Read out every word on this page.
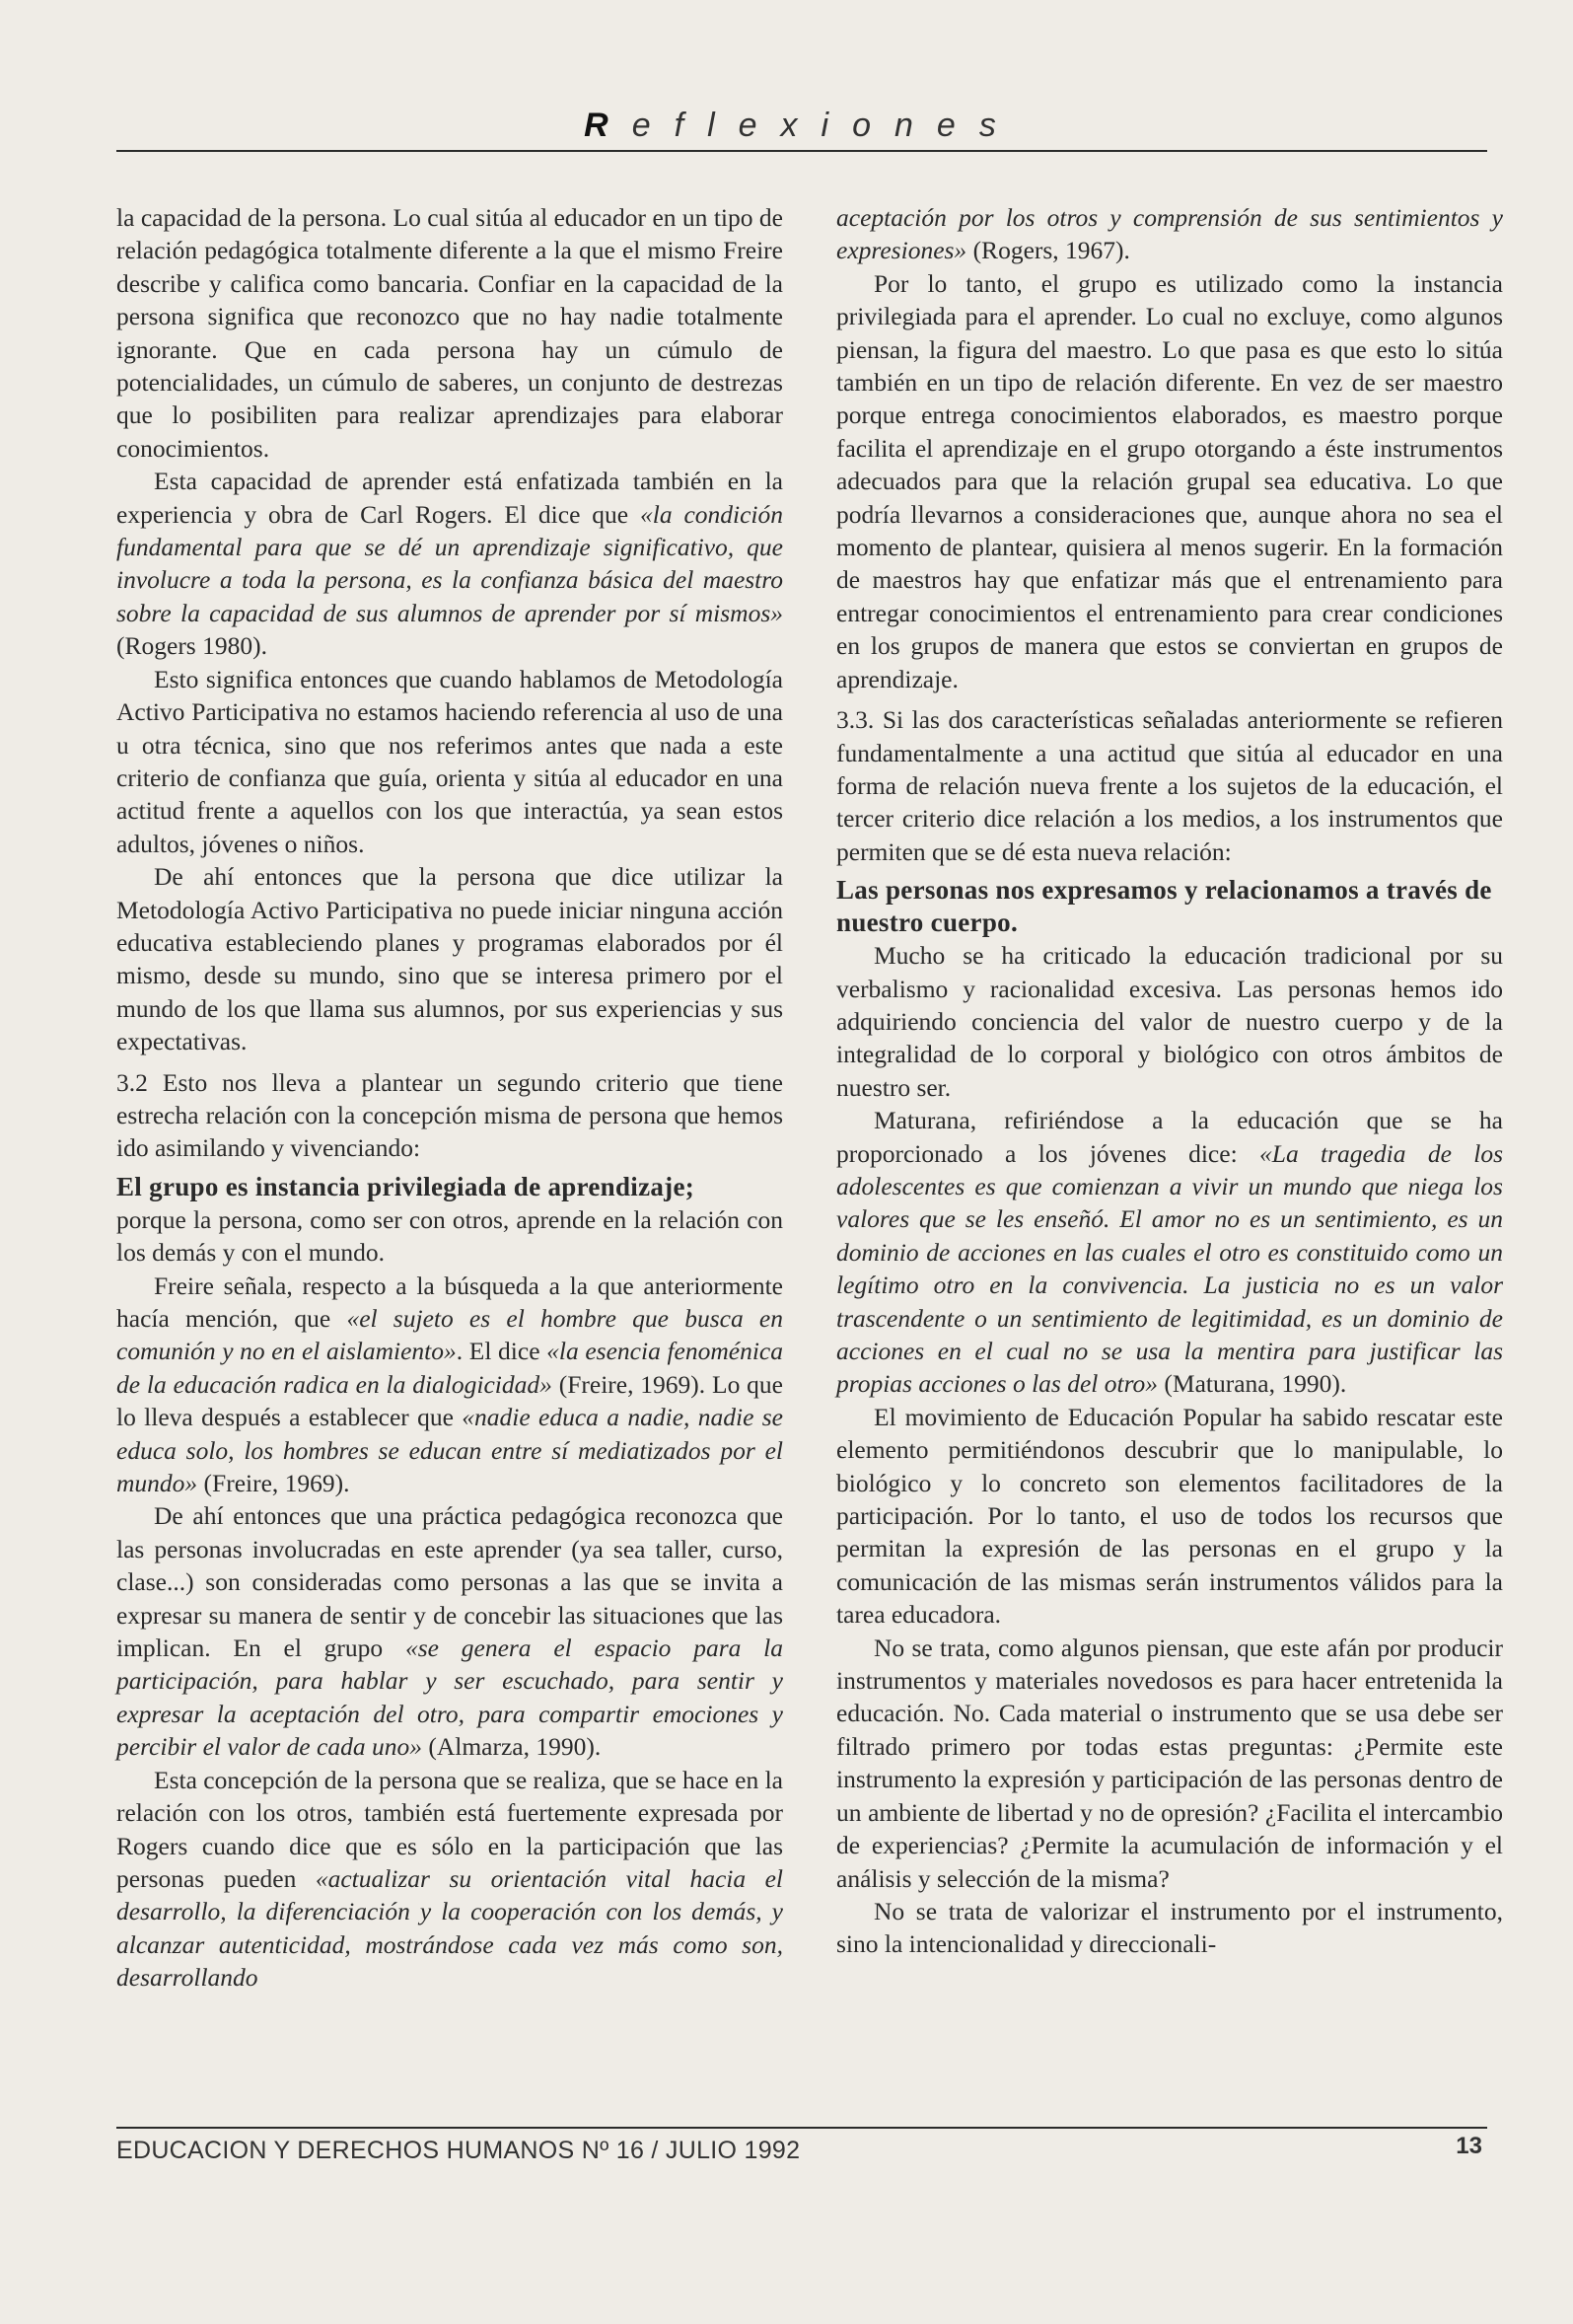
Reflexiones

la capacidad de la persona. Lo cual sitúa al educador en un tipo de relación pedagógica totalmente diferente a la que el mismo Freire describe y califica como bancaria. Confiar en la capacidad de la persona significa que reconozco que no hay nadie totalmente ignorante. Que en cada persona hay un cúmulo de potencialidades, un cúmulo de saberes, un conjunto de destrezas que lo posibiliten para realizar aprendizajes para elaborar conocimientos.

Esta capacidad de aprender está enfatizada también en la experiencia y obra de Carl Rogers. El dice que «la condición fundamental para que se dé un aprendizaje significativo, que involucre a toda la persona, es la confianza básica del maestro sobre la capacidad de sus alumnos de aprender por sí mismos» (Rogers 1980).

Esto significa entonces que cuando hablamos de Metodología Activo Participativa no estamos haciendo referencia al uso de una u otra técnica, sino que nos referimos antes que nada a este criterio de confianza que guía, orienta y sitúa al educador en una actitud frente a aquellos con los que interactúa, ya sean estos adultos, jóvenes o niños.

De ahí entonces que la persona que dice utilizar la Metodología Activo Participativa no puede iniciar ninguna acción educativa estableciendo planes y programas elaborados por él mismo, desde su mundo, sino que se interesa primero por el mundo de los que llama sus alumnos, por sus experiencias y sus expectativas.

3.2 Esto nos lleva a plantear un segundo criterio que tiene estrecha relación con la concepción misma de persona que hemos ido asimilando y vivenciando:

El grupo es instancia privilegiada de aprendizaje;

porque la persona, como ser con otros, aprende en la relación con los demás y con el mundo.

Freire señala, respecto a la búsqueda a la que anteriormente hacía mención, que «el sujeto es el hombre que busca en comunión y no en el aislamiento». El dice «la esencia fenoménica de la educación radica en la dialogicidad» (Freire, 1969). Lo que lo lleva después a establecer que «nadie educa a nadie, nadie se educa solo, los hombres se educan entre sí mediatizados por el mundo» (Freire, 1969).

De ahí entonces que una práctica pedagógica reconozca que las personas involucradas en este aprender (ya sea taller, curso, clase...) son consideradas como personas a las que se invita a expresar su manera de sentir y de concebir las situaciones que las implican. En el grupo «se genera el espacio para la participación, para hablar y ser escuchado, para sentir y expresar la aceptación del otro, para compartir emociones y percibir el valor de cada uno» (Almarza, 1990).

Esta concepción de la persona que se realiza, que se hace en la relación con los otros, también está fuertemente expresada por Rogers cuando dice que es sólo en la participación que las personas pueden «actualizar su orientación vital hacia el desarrollo, la diferenciación y la cooperación con los demás, y alcanzar autenticidad, mostrándose cada vez más como son, desarrollando

aceptación por los otros y comprensión de sus sentimientos y expresiones» (Rogers, 1967).

Por lo tanto, el grupo es utilizado como la instancia privilegiada para el aprender. Lo cual no excluye, como algunos piensan, la figura del maestro. Lo que pasa es que esto lo sitúa también en un tipo de relación diferente. En vez de ser maestro porque entrega conocimientos elaborados, es maestro porque facilita el aprendizaje en el grupo otorgando a éste instrumentos adecuados para que la relación grupal sea educativa. Lo que podría llevarnos a consideraciones que, aunque ahora no sea el momento de plantear, quisiera al menos sugerir. En la formación de maestros hay que enfatizar más que el entrenamiento para entregar conocimientos el entrenamiento para crear condiciones en los grupos de manera que estos se conviertan en grupos de aprendizaje.

3.3. Si las dos características señaladas anteriormente se refieren fundamentalmente a una actitud que sitúa al educador en una forma de relación nueva frente a los sujetos de la educación, el tercer criterio dice relación a los medios, a los instrumentos que permiten que se dé esta nueva relación:

Las personas nos expresamos y relacionamos a través de nuestro cuerpo.

Mucho se ha criticado la educación tradicional por su verbalismo y racionalidad excesiva. Las personas hemos ido adquiriendo conciencia del valor de nuestro cuerpo y de la integralidad de lo corporal y biológico con otros ámbitos de nuestro ser.

Maturana, refiriéndose a la educación que se ha proporcionado a los jóvenes dice: «La tragedia de los adolescentes es que comienzan a vivir un mundo que niega los valores que se les enseñó. El amor no es un sentimiento, es un dominio de acciones en las cuales el otro es constituido como un legítimo otro en la convivencia. La justicia no es un valor trascendente o un sentimiento de legitimidad, es un dominio de acciones en el cual no se usa la mentira para justificar las propias acciones o las del otro» (Maturana, 1990).

El movimiento de Educación Popular ha sabido rescatar este elemento permitiéndonos descubrir que lo manipulable, lo biológico y lo concreto son elementos facilitadores de la participación. Por lo tanto, el uso de todos los recursos que permitan la expresión de las personas en el grupo y la comunicación de las mismas serán instrumentos válidos para la tarea educadora.

No se trata, como algunos piensan, que este afán por producir instrumentos y materiales novedosos es para hacer entretenida la educación. No. Cada material o instrumento que se usa debe ser filtrado primero por todas estas preguntas: ¿Permite este instrumento la expresión y participación de las personas dentro de un ambiente de libertad y no de opresión? ¿Facilita el intercambio de experiencias? ¿Permite la acumulación de información y el análisis y selección de la misma?

No se trata de valorizar el instrumento por el instrumento, sino la intencionalidad y direccionali-

EDUCACION Y DERECHOS HUMANOS Nº 16 / JULIO 1992	13
